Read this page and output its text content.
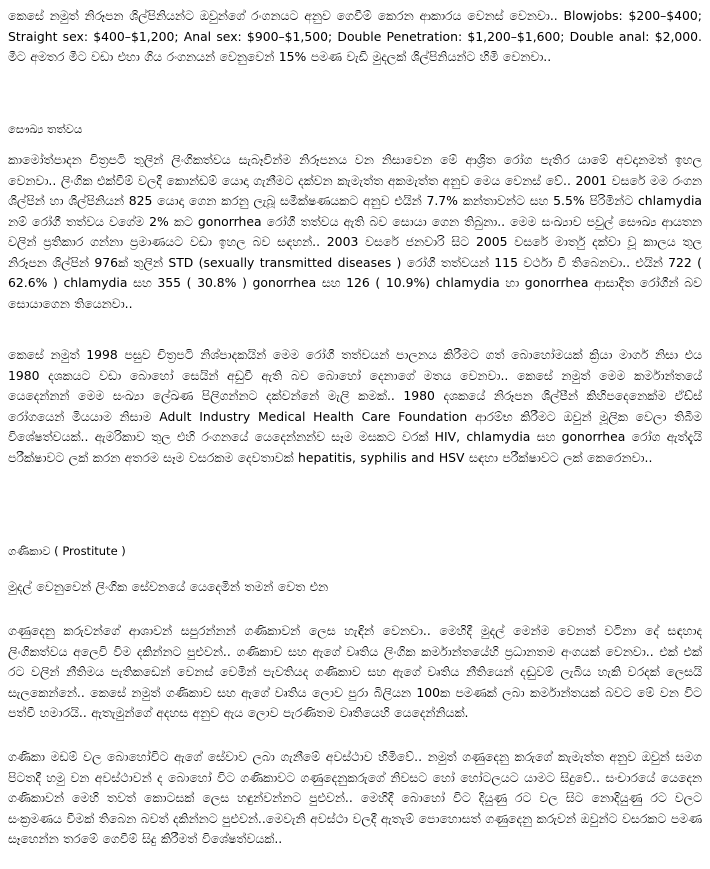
කෙසේ නමුත් නිරූපන ශිල්පිනියන්ට ඔවුන්ගේ රංගනයට අනුව ගෙවීම් කෙරන ආකාරය වෙනස් වෙනවා.. Blowjobs: $200–$400; Straight sex: $400–$1,200; Anal sex: $900–$1,500; Double Penetration: $1,200–$1,600; Double anal: $2,000. මීට අමතර මීට වඩා එහා ගිය රංගනයන් වෙනුවෙන් 15% පමණ වැඩි මුදලක් ශිල්පිනියන්ට හිමි වෙනවා..

සෞඛ්‍ය තත්වය

කාමෝත්පාදන චිත්‍රපටි තුලින් ලිංගිකත්වය සැබෑවින්ම නිරූපනය වන නිසාවෙන මේ ආශ්‍රිත රෝග පැතිර යාමේ අවදානමත් ඉහල වෙනවා.. ලිංගික එක්වීම් වලදී කොන්ඩම් යොදා ගැනීමට දක්වන කැමැත්ත අකමැත්ත අනුව මෙය වෙනස් වේ.. 2001 වසරේ මම රංගන ශිල්පින් හා ශිල්පිනියන් 825 යොදා ගෙන කරනු ලැබූ සමීක්ෂණයකට අනුව එයින් 7.7% කන්තාවන්ට සහ 5.5% පිරිමින්ට chlamydia නම් රෝගී තත්වය වගේම 2% කට gonorrhea රෝගී තත්වය ඇති බව සොයා ගෙන තිබුනා.. මෙම සංඛ්‍යාව පවුල් සෞඛ්‍ය ආයතන වලින් ප්‍රතිකාර ගන්නා ප්‍රමාණයට වඩා ඉහල බව සඳහන්.. 2003 වසරේ ජනවාරි සිට 2005 වසරේ මාර්තු දක්වා වූ කාලය තුල නිරූපන ශිල්පින් 976ක් තුලින් STD (sexually transmitted diseases ) රෝගී තත්වයන් 115 වර්ථා වී තිබෙනවා.. එයින් 722 ( 62.6% ) chlamydia සහ 355 ( 30.8% ) gonorrhea සහ 126 ( 10.9%) chlamydia හා gonorrhea ආසාදිත රෝගීන් බව සොයාගෙන තියෙනවා..

කෙසේ නමුත් 1998 පසුව චිත්‍රපටි නිශ්පාදකයින් මෙම රෝගී තත්වයන් පාලනය කිරීමට ගත් බොහෝමයක් ක්‍රියා මාර්ග නිසා එය 1980 දශකයට වඩා බොහෝ සෙයින් අඩුවී ඇති බව බොහෝ දෙනාගේ මතය වෙනවා.. කෙසේ නමුත් මෙම කර්මාන්තයේ යෙදෙන්නන් මෙම සංඛ්‍යා ලේඛණ පිලිගන්නට දක්වන්නේ මැලි කමක්.. 1980 දශකයේ නිරූපන ශිල්පීන් කිහිපදෙනෙක්ම ඒඩ්ස් රෝගයෙන් මියයාම නිසාම Adult Industry Medical Health Care Foundation ආරම්භ කිරීමට ඔවුන් මූලික වෙලා තිබීම විශේෂත්වයක්.. ඇමරිකාව තුල එහි රංගනයේ යෙදෙන්නන්ව සෑම මසකට වරක් HIV, chlamydia සහ gonorrhea රෝග ඇත්දැයි පරීක්ෂාවට ලක් කරන අතරම සෑම වසරකම දෙවතාවක් hepatitis, syphilis and HSV සඳහා පරීක්ෂාවට ලක් කෙරෙනවා..

ගණිකාව ( Prostitute )

මුදල් වෙනුවෙන් ලිංගික සේවනයේ යෙදෙමින් තමන් වෙත එන

ගණුදෙනු කරුවන්ගේ ආශාවන් සපුරන්නන් ගණිකාවන් ලෙස හැඳින් වෙනවා.. මෙහිදී මුදල් මෙන්ම වෙනත් වටිනා දේ සඳහාද ලිංගිකත්වය අලෙවි විම දකින්නට පුළුවන්.. ගණිකාව සහ ඇගේ වෘතිය ලිංගික කර්මාන්තයේහි ප්‍රධානතම අංගයක් වෙනවා.. එක් එක් රට වලින් නීතිමය පැතිකඩෙන් වෙනස් වෙමින් පැවතියද ගණිකාව සහ ඇගේ වෘතිය නීතියෙන් දඬුවම් ලැබිය හැකි වරදක් ලෙසයි සැලකෙන්නේ.. කෙසේ නමුත් ගණිකාව සහ ඇගේ වෘතිය ලොව පුරා බිලියන 100ක පමණක් ලබා කර්මාන්තයක් බවට මේ වන විට පත්වී හමාරයි.. ඇතැමුන්ගේ අදහස අනුව ඇය ලොව පැරණිතම වෘතියෙහි යෙදෙන්නියක්.

ගණිකා මඩම් වල බොහෝවිට ඇගේ සේවාව ලබා ගැනීමේ අවස්ථාව හිමිවේ.. නමුත් ගණුදෙනු කරුගේ කැමැත්ත අනුව ඔවුන් සමග පිටතදී හමු වන අවස්ථාවන් ද බොහෝ විට ගණිකාවට ගණුදෙනුකරුගේ නිවසට හෝ හෝටලයට යාමට සිදුවේ.. සංචාරයේ යෙදෙන ගණිකාවන් මෙහි තවත් කොටසක් ලෙස හඳුන්වන්නට පුළුවන්.. මෙහිදී බොහෝ විට දියුණු රට වල සිට නොදියුණු රට වලට සංක්‍රමණය වීමක් තිබෙන බවත් දකින්නට පුළුවන්..මෙවැනි අවස්ථා වලදී ඇතැම් පොහොසත් ගණුදෙනු කරුවන් ඔවුන්ට වසරකට පමණ සෑහෙන්න තරමේ ගෙවීම් සිදු කිරීමත් විශේෂත්වයක්..
